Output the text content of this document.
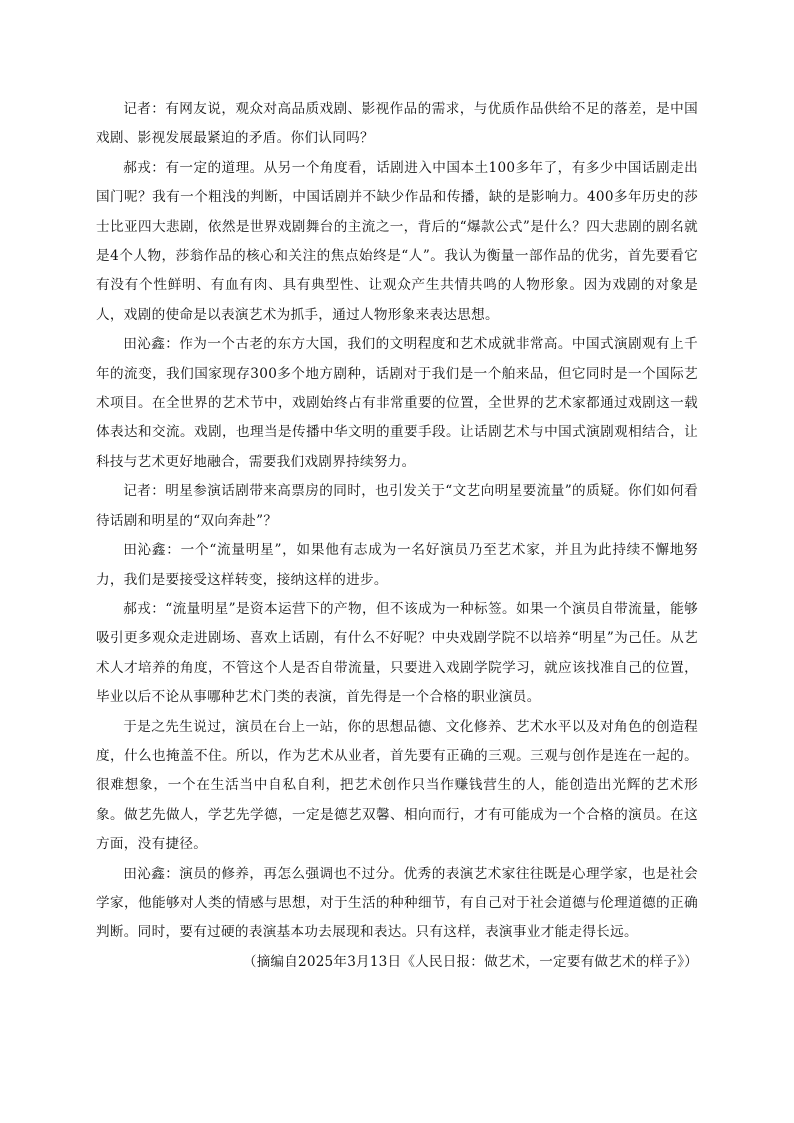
记者：有网友说，观众对高品质戏剧、影视作品的需求，与优质作品供给不足的落差，是中国戏剧、影视发展最紧迫的矛盾。你们认同吗？

郝戎：有一定的道理。从另一个角度看，话剧进入中国本土100多年了，有多少中国话剧走出国门呢？我有一个粗浅的判断，中国话剧并不缺少作品和传播，缺的是影响力。400多年历史的莎士比亚四大悲剧，依然是世界戏剧舞台的主流之一，背后的“爆款公式”是什么？四大悲剧的剧名就是4个人物，莎翁作品的核心和关注的焦点始终是“人”。我认为衡量一部作品的优劣，首先要看它有没有个性鲜明、有血有肉、具有典型性、让观众产生共情共鸣的人物形象。因为戏剧的对象是人，戏剧的使命是以表演艺术为抓手，通过人物形象来表达思想。

田沁鑫：作为一个古老的东方大国，我们的文明程度和艺术成就非常高。中国式演剧观有上千年的流变，我们国家现存300多个地方剧种，话剧对于我们是一个舶来品，但它同时是一个国际艺术项目。在全世界的艺术节中，戏剧始终占有非常重要的位置，全世界的艺术家都通过戏剧这一载体表达和交流。戏剧，也理当是传播中华文明的重要手段。让话剧艺术与中国式演剧观相结合，让科技与艺术更好地融合，需要我们戏剧界持续努力。

记者：明星参演话剧带来高票房的同时，也引发关于“文艺向明星要流量”的质疑。你们如何看待话剧和明星的“双向奔赴”？

田沁鑫：一个“流量明星”，如果他有志成为一名好演员乃至艺术家，并且为此持续不懈地努力，我们是要接受这样转变，接纳这样的进步。

郝戎：“流量明星”是资本运营下的产物，但不该成为一种标签。如果一个演员自带流量，能够吸引更多观众走进剧场、喜欢上话剧，有什么不好呢？中央戏剧学院不以培养“明星”为己任。从艺术人才培养的角度，不管这个人是否自带流量，只要进入戏剧学院学习，就应该找准自己的位置，毕业以后不论从事哪种艺术门类的表演，首先得是一个合格的职业演员。

于是之先生说过，演员在台上一站，你的思想品德、文化修养、艺术水平以及对角色的创造程度，什么也掩盖不住。所以，作为艺术从业者，首先要有正确的三观。三观与创作是连在一起的。很难想象，一个在生活当中自私自利，把艺术创作只当作赚钱营生的人，能创造出光辉的艺术形象。做艺先做人，学艺先学德，一定是德艺双馨、相向而行，才有可能成为一个合格的演员。在这方面，没有捷径。

田沁鑫：演员的修养，再怎么强调也不过分。优秀的表演艺术家往往既是心理学家，也是社会学家，他能够对人类的情感与思想，对于生活的种种细节，有自己对于社会道德与伦理道德的正确判断。同时，要有过硬的表演基本功去展现和表达。只有这样，表演事业才能走得长远。

（摘编自2025年3月13日《人民日报：做艺术，一定要有做艺术的样子》）
